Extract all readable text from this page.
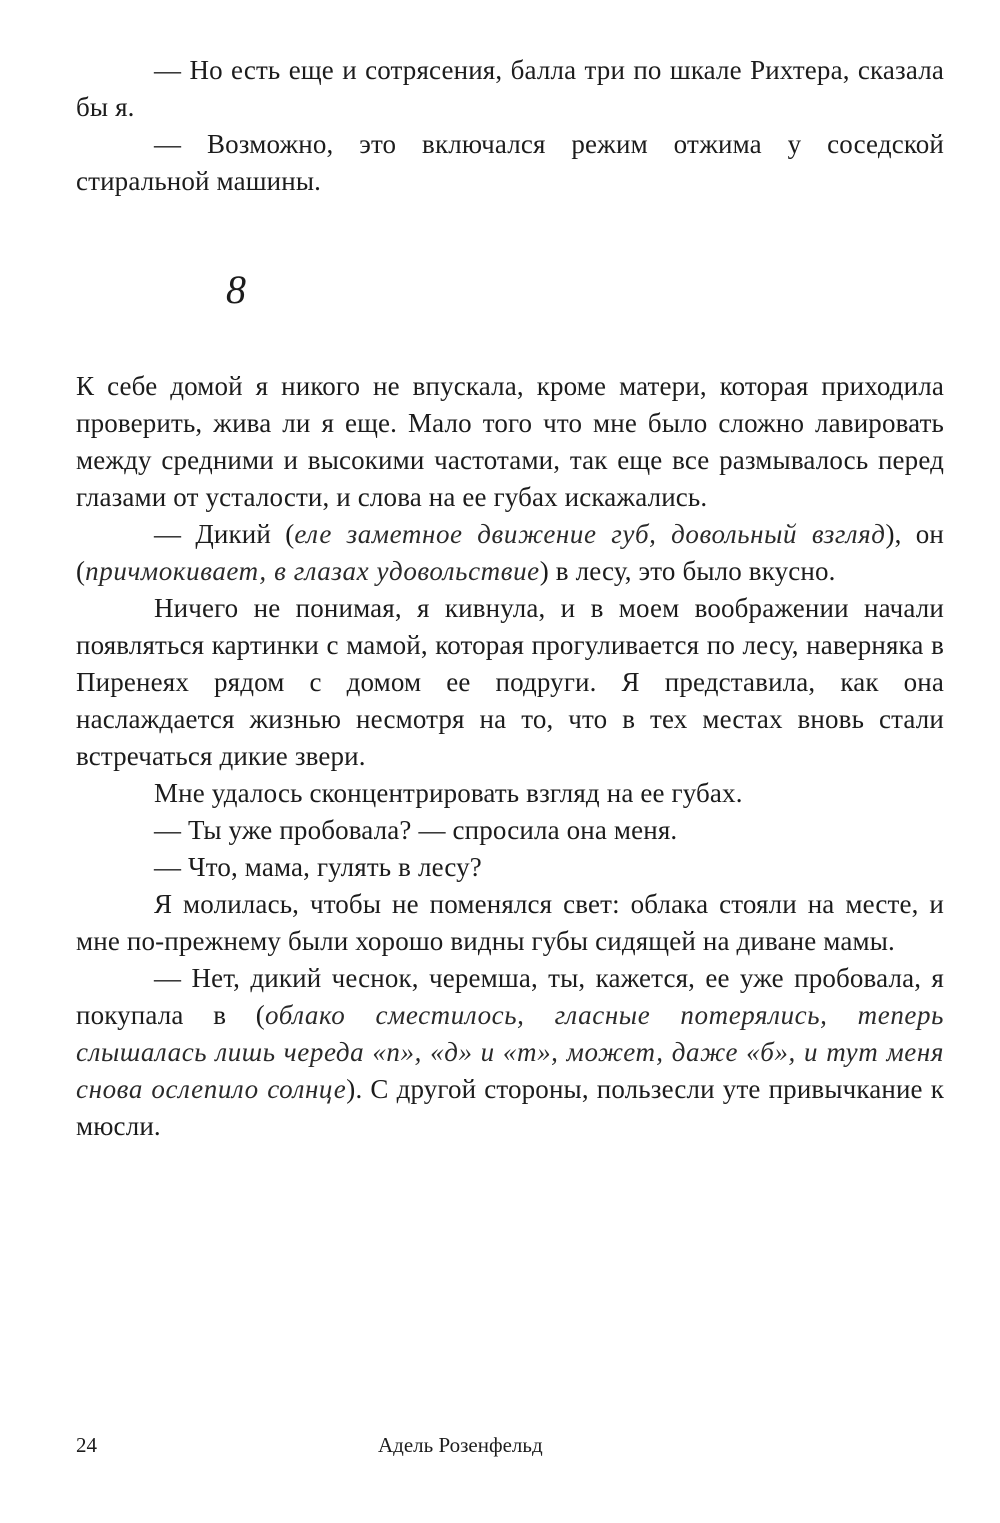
— Но есть еще и сотрясения, балла три по шкале Рихтера, сказала бы я.

— Возможно, это включался режим отжима у соседской стиральной машины.

8

К себе домой я никого не впускала, кроме матери, которая приходила проверить, жива ли я еще. Мало того что мне было сложно лавировать между средними и высокими частотами, так еще все размывалось перед глазами от усталости, и слова на ее губах искажались.

— Дикий (еле заметное движение губ, довольный взгляд), он (причмокивает, в глазах удовольствие) в лесу, это было вкусно.

Ничего не понимая, я кивнула, и в моем воображении начали появляться картинки с мамой, которая прогуливается по лесу, наверняка в Пиренеях рядом с домом ее подруги. Я представила, как она наслаждается жизнью несмотря на то, что в тех местах вновь стали встречаться дикие звери.

Мне удалось сконцентрировать взгляд на ее губах.

— Ты уже пробовала? — спросила она меня.

— Что, мама, гулять в лесу?

Я молилась, чтобы не поменялся свет: облака стояли на месте, и мне по-прежнему были хорошо видны губы сидящей на диване мамы.

— Нет, дикий чеснок, черемша, ты, кажется, ее уже пробовала, я покупала в (облако сместилось, гласные потерялись, теперь слышалась лишь череда «п», «д» и «т», может, даже «б», и тут меня снова ослепило солнце). С другой стороны, пользесли уте привычкание к мюсли.

24	Адель Розенфельд
